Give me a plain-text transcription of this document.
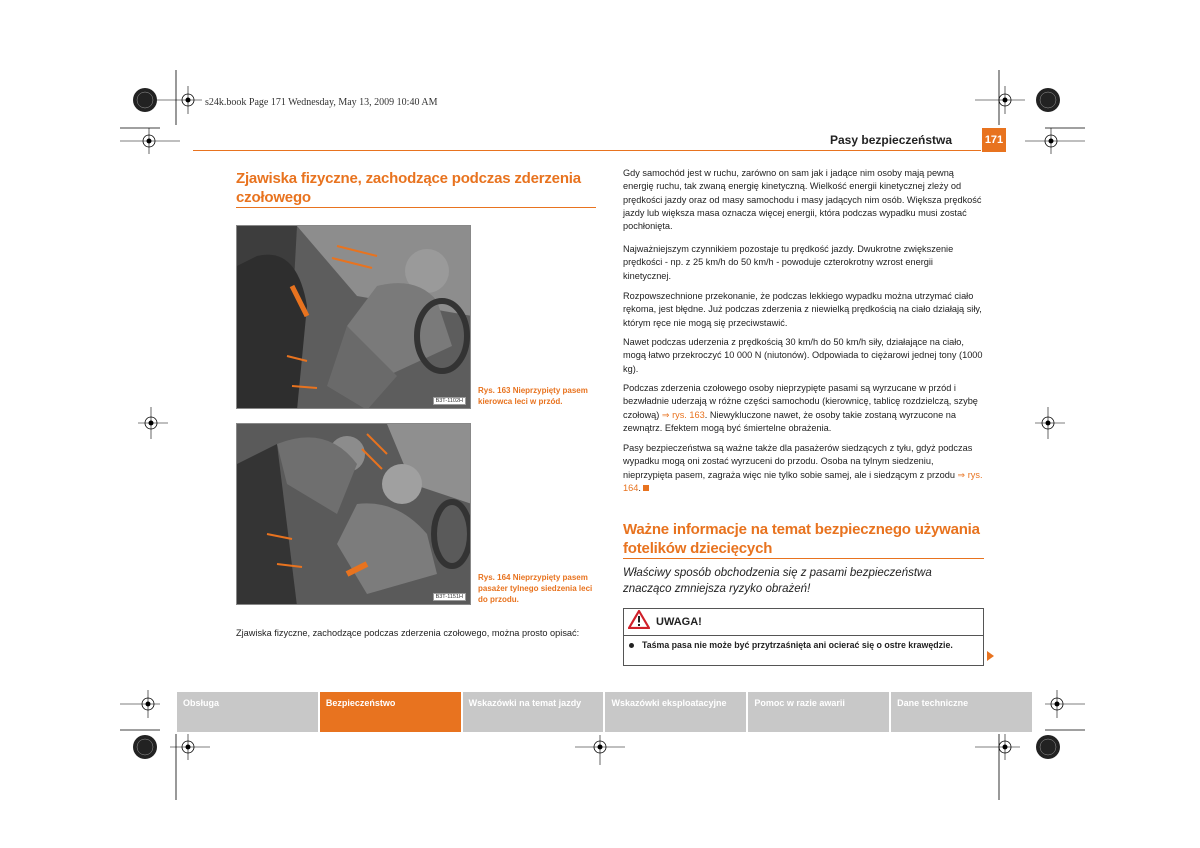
s24k.book Page 171 Wednesday, May 13, 2009 10:40 AM
Pasy bezpieczeństwa	171
Zjawiska fizyczne, zachodzące podczas zderzenia czołowego
B3T-1102H
Rys. 163 Nieprzypięty pasem kierowca leci w przód.
B3T-1151H
Rys. 164 Nieprzypięty pasem pasażer tylnego siedzenia leci do przodu.
Zjawiska fizyczne, zachodzące podczas zderzenia czołowego, można prosto opisać:
Gdy samochód jest w ruchu, zarówno on sam jak i jadące nim osoby mają pewną energię ruchu, tak zwaną energię kinetyczną. Wielkość energii kinetycznej zleży od prędkości jazdy oraz od masy samochodu i masy jadących nim osób. Większa prędkość jazdy lub większa masa oznacza więcej energii, która podczas wypadku musi zostać pochłonięta.
Najważniejszym czynnikiem pozostaje tu prędkość jazdy. Dwukrotne zwiększenie prędkości - np. z 25 km/h do 50 km/h - powoduje czterokrotny wzrost energii kinetycznej.
Rozpowszechnione przekonanie, że podczas lekkiego wypadku można utrzymać ciało rękoma, jest błędne. Już podczas zderzenia z niewielką prędkością na ciało działają siły, którym ręce nie mogą się przeciwstawić.
Nawet podczas uderzenia z prędkością 30 km/h do 50 km/h siły, działające na ciało, mogą łatwo przekroczyć 10 000 N (niutonów). Odpowiada to ciężarowi jednej tony (1000 kg).
Podczas zderzenia czołowego osoby nieprzypięte pasami są wyrzucane w przód i bezwładnie uderzają w różne części samochodu (kierownicę, tablicę rozdzielczą, szybę czołową) ⇒ rys. 163. Niewykluczone nawet, że osoby takie zostaną wyrzucone na zewnątrz. Efektem mogą być śmiertelne obrażenia.
Pasy bezpieczeństwa są ważne także dla pasażerów siedzących z tyłu, gdyż podczas wypadku mogą oni zostać wyrzuceni do przodu. Osoba na tylnym siedzeniu, nieprzypięta pasem, zagraża więc nie tylko sobie samej, ale i siedzącym z przodu ⇒ rys. 164.
Ważne informacje na temat bezpiecznego używania fotelików dziecięcych
Właściwy sposób obchodzenia się z pasami bezpieczeństwa znacząco zmniejsza ryzyko obrażeń!
UWAGA!
Taśma pasa nie może być przytrzaśnięta ani ocierać się o ostre krawędzie.
Obsługa	Bezpieczeństwo	Wskazówki na temat jazdy	Wskazówki eksploatacyjne	Pomoc w razie awarii	Dane techniczne
